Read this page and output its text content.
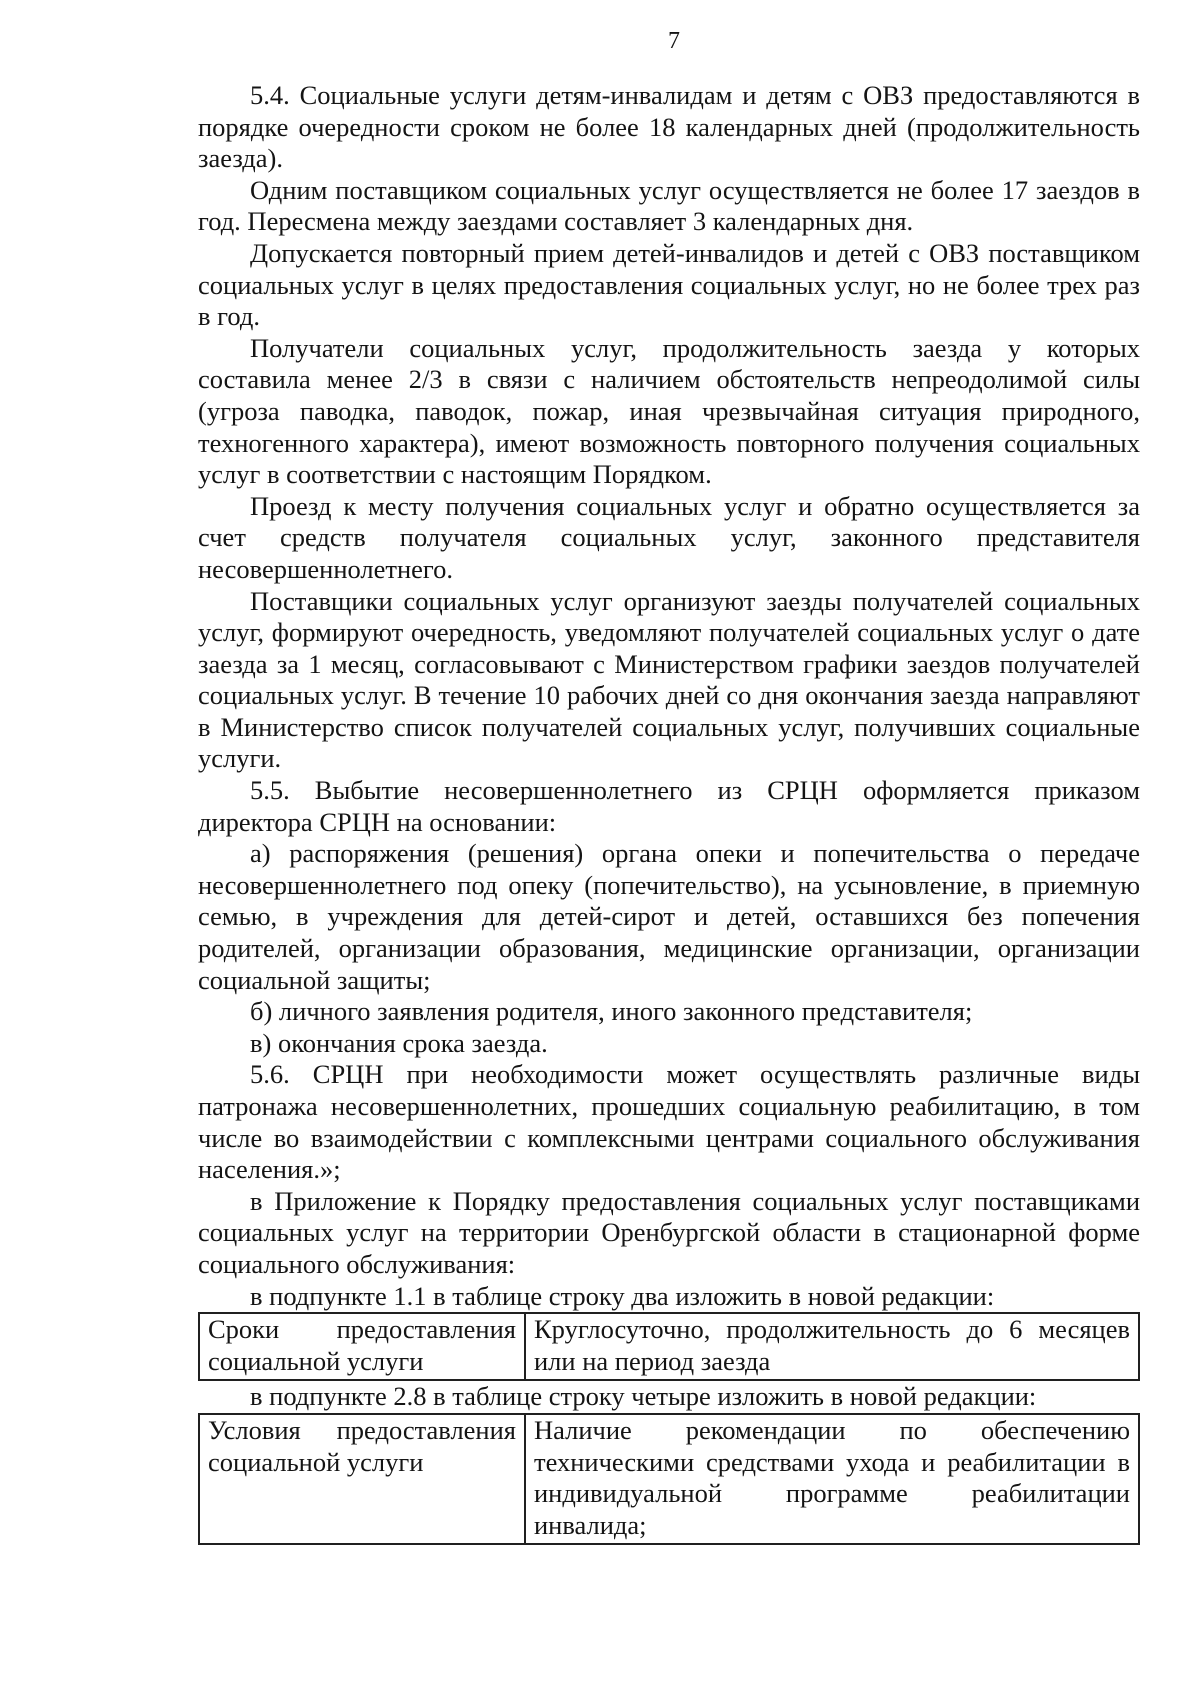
7

5.4. Социальные услуги детям-инвалидам и детям с ОВЗ предоставляются в порядке очередности сроком не более 18 календарных дней (продолжительность заезда).

Одним поставщиком социальных услуг осуществляется не более 17 заездов в год. Пересмена между заездами составляет 3 календарных дня.

Допускается повторный прием детей-инвалидов и детей с ОВЗ поставщиком социальных услуг в целях предоставления социальных услуг, но не более трех раз в год.

Получатели социальных услуг, продолжительность заезда у которых составила менее 2/3 в связи с наличием обстоятельств непреодолимой силы (угроза паводка, паводок, пожар, иная чрезвычайная ситуация природного, техногенного характера), имеют возможность повторного получения социальных услуг в соответствии с настоящим Порядком.

Проезд к месту получения социальных услуг и обратно осуществляется за счет средств получателя социальных услуг, законного представителя несовершеннолетнего.

Поставщики социальных услуг организуют заезды получателей социальных услуг, формируют очередность, уведомляют получателей социальных услуг о дате заезда за 1 месяц, согласовывают с Министерством графики заездов получателей социальных услуг. В течение 10 рабочих дней со дня окончания заезда направляют в Министерство список получателей социальных услуг, получивших социальные услуги.

5.5. Выбытие несовершеннолетнего из СРЦН оформляется приказом директора СРЦН на основании:

а) распоряжения (решения) органа опеки и попечительства о передаче несовершеннолетнего под опеку (попечительство), на усыновление, в приемную семью, в учреждения для детей-сирот и детей, оставшихся без попечения родителей, организации образования, медицинские организации, организации социальной защиты;

б) личного заявления родителя, иного законного представителя;

в) окончания срока заезда.

5.6. СРЦН при необходимости может осуществлять различные виды патронажа несовершеннолетних, прошедших социальную реабилитацию, в том числе во взаимодействии с комплексными центрами социального обслуживания населения.»;

в Приложение к Порядку предоставления социальных услуг поставщиками социальных услуг на территории Оренбургской области в стационарной форме социального обслуживания:

в подпункте 1.1 в таблице строку два изложить в новой редакции:

Сроки предоставления социальной услуги	Круглосуточно, продолжительность до 6 месяцев или на период заезда

в подпункте 2.8 в таблице строку четыре изложить в новой редакции:

Условия предоставления социальной услуги	Наличие рекомендации по обеспечению техническими средствами ухода и реабилитации в индивидуальной программе реабилитации инвалида;
